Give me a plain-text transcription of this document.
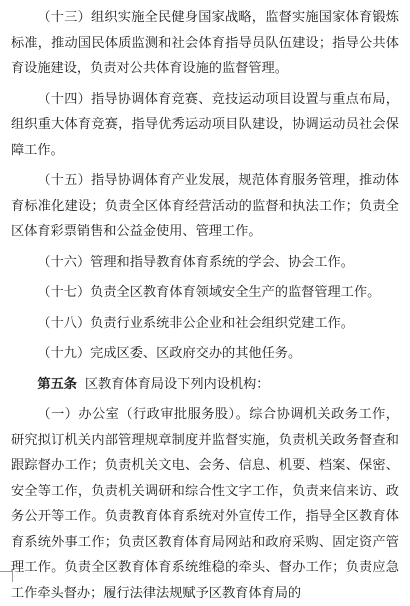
（十三）组织实施全民健身国家战略，监督实施国家体育锻炼标准，推动国民体质监测和社会体育指导员队伍建设；指导公共体育设施建设，负责对公共体育设施的监督管理。

（十四）指导协调体育竞赛、竞技运动项目设置与重点布局，组织重大体育竞赛，指导优秀运动项目队建设，协调运动员社会保障工作。

（十五）指导协调体育产业发展，规范体育服务管理，推动体育标准化建设；负责全区体育经营活动的监督和执法工作；负责全区体育彩票销售和公益金使用、管理工作。

（十六）管理和指导教育体育系统的学会、协会工作。

（十七）负责全区教育体育领域安全生产的监督管理工作。

（十八）负责行业系统非公企业和社会组织党建工作。

（十九）完成区委、区政府交办的其他任务。

第五条 区教育体育局设下列内设机构：

（一）办公室（行政审批服务股）。综合协调机关政务工作，研究拟订机关内部管理规章制度并监督实施，负责机关政务督查和跟踪督办工作；负责机关文电、会务、信息、机要、档案、保密、安全等工作，负责机关调研和综合性文字工作，负责来信来访、政务公开等工作。负责教育体育系统对外宣传工作，指导全区教育体育系统外事工作；负责区教育体育局网站和政府采购、固定资产管理工作。负责全区教育体育系统维稳的牵头、督办工作；负责应急工作牵头督办；履行法律法规赋予区教育体育局的
